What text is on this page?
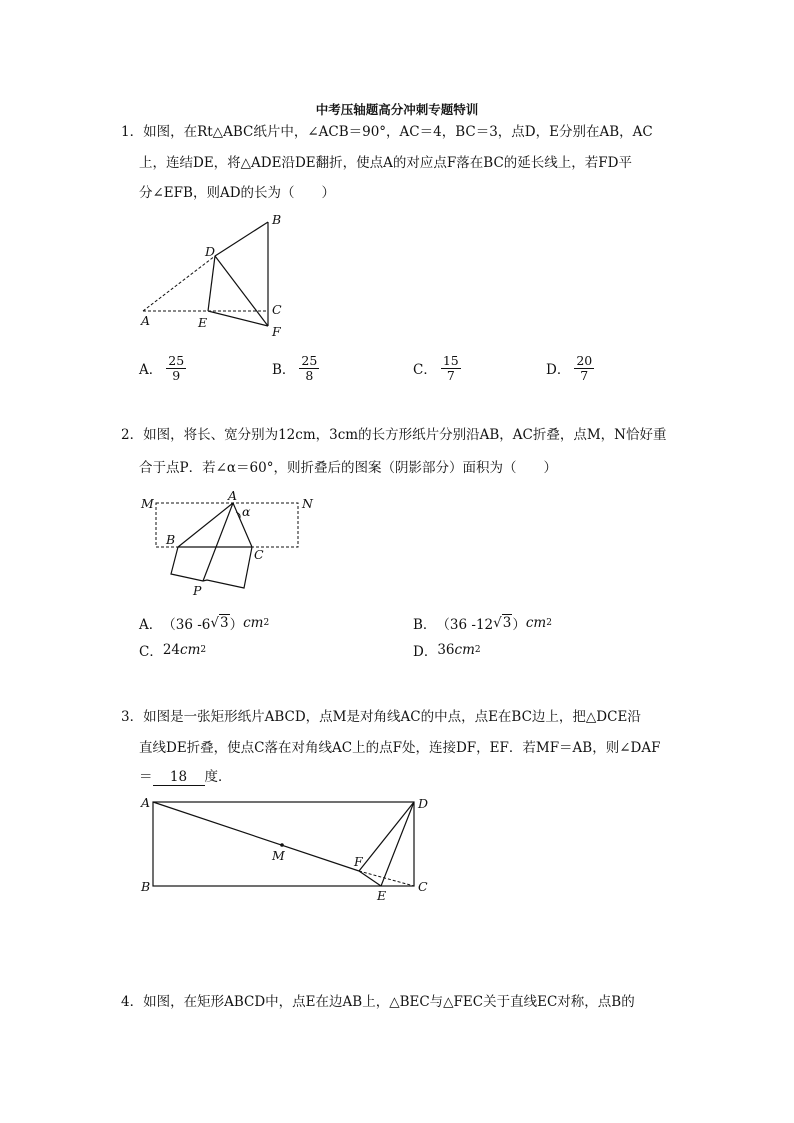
中考压轴题高分冲刺专题特训
1．如图，在Rt△ABC纸片中，∠ACB＝90°，AC＝4，BC＝3，点D，E分别在AB，AC
上，连结DE，将△ADE沿DE翻折，使点A的对应点F落在BC的延长线上，若FD平
分∠EFB，则AD的长为（　　）
A
B
C
D
E
F
A． $\frac{25}{9}$	B． $\frac{25}{8}$	C． $\frac{15}{7}$	D． $\frac{20}{7}$
2．如图，将长、宽分别为12cm，3cm的长方形纸片分别沿AB，AC折叠，点M，N恰好重
合于点P．若∠α＝60°，则折叠后的图案（阴影部分）面积为（　　）
M	N
A
B
C
P
α
A． （36 -6 √3 ） cm 2	B． （36 -12 √3 ） cm 2
C． 24 cm 2	D． 36 cm 2
3．如图是一张矩形纸片ABCD，点M是对角线AC的中点，点E在BC边上，把△DCE沿
直线DE折叠，使点C落在对角线AC上的点F处，连接DF，EF．若MF＝AB，则∠DAF
＝ 18 度．
A
B	C
D
E
F
M
4．如图，在矩形ABCD中，点E在边AB上，△BEC与△FEC关于直线EC对称，点B的
